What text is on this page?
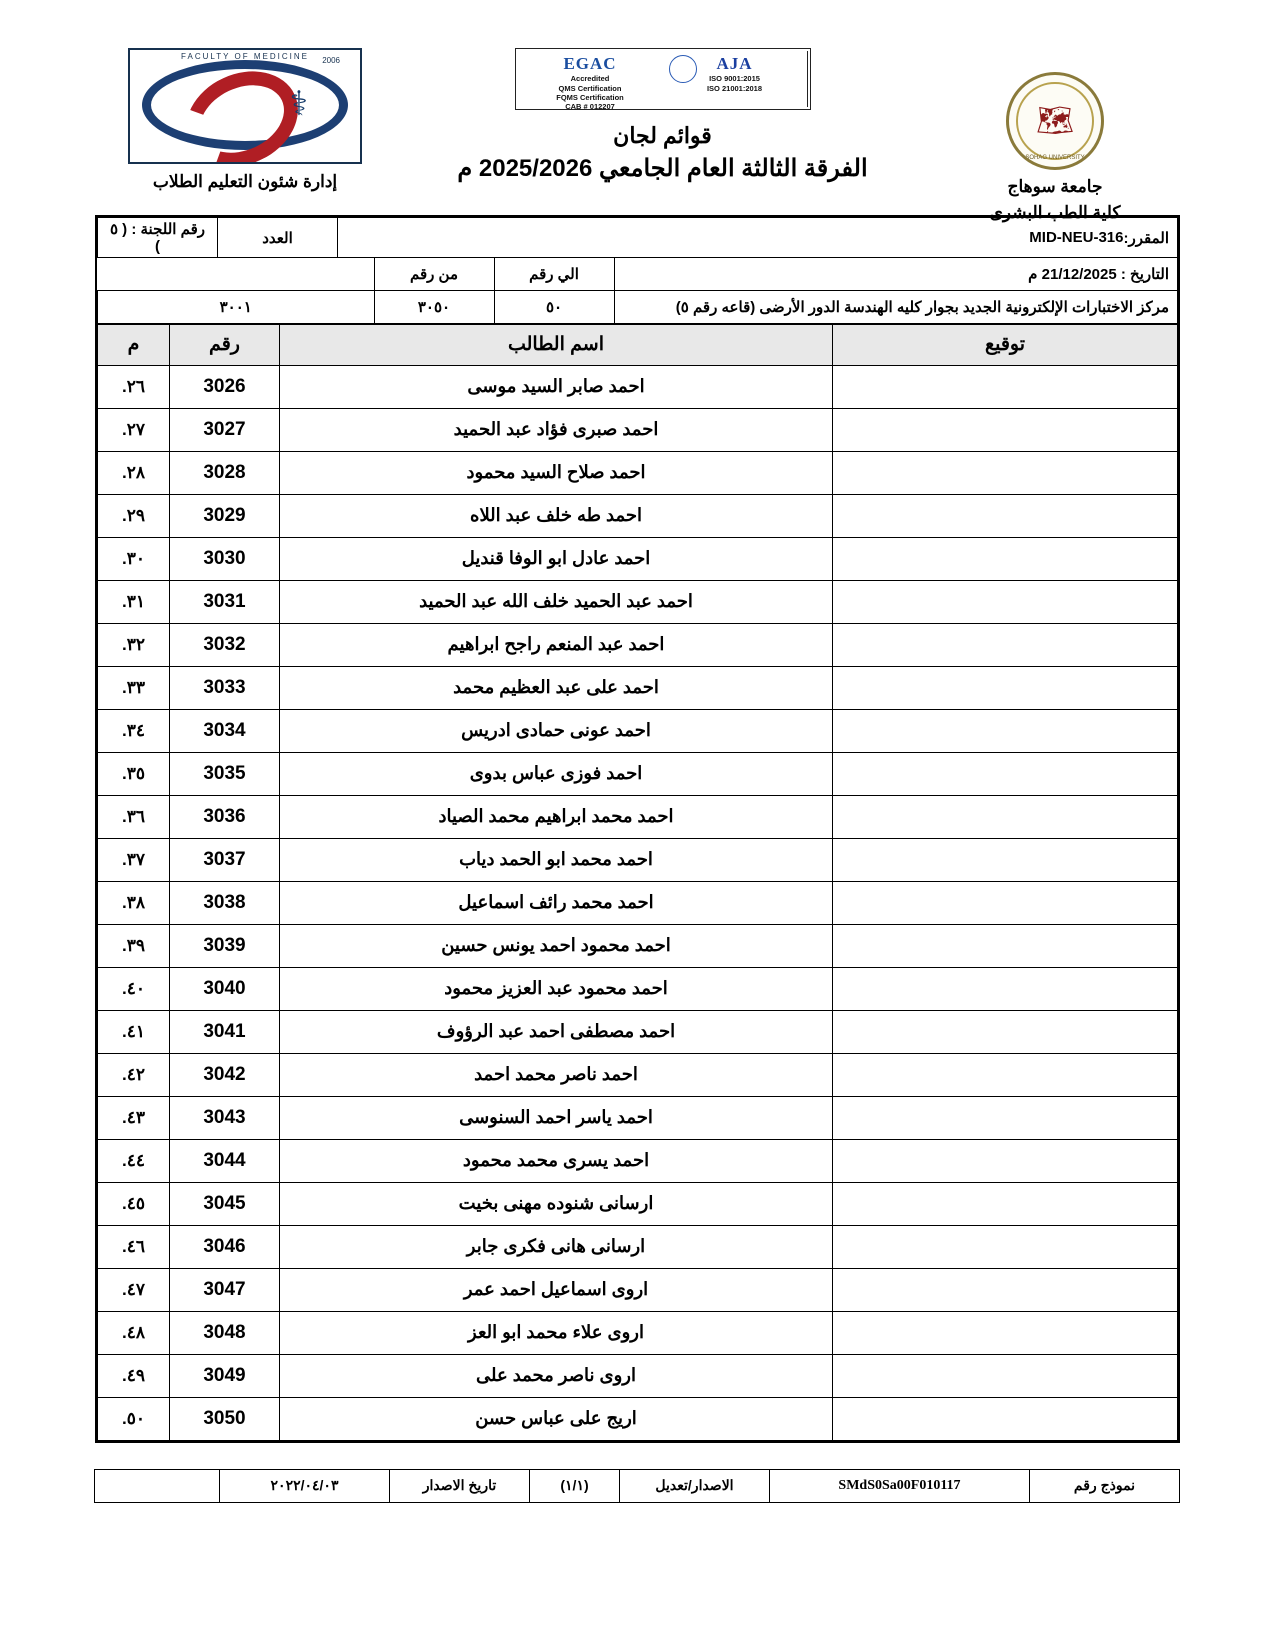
🗺
SOHAG UNIVERSITY
جامعة سوهاج
كلية الطب البشرى
EGAC
Accredited
QMS Certification
FQMS Certification
CAB # 012207
AJA
ISO 9001:2015
ISO 21001:2018
قوائم لجان
الفرقة الثالثة العام الجامعي 2025/2026 م
FACULTY OF MEDICINE	2006
⚕
إدارة شئون التعليم الطلاب
MID-NEU-316 المقرر:
	العدد	رقم اللجنة : ( ٥ )
التاريخ : 21/12/2025 م	الي رقم	من رقم	
مركز الاختبارات الإلكترونية الجديد بجوار كليه الهندسة الدور الأرضى (قاعه رقم ٥)	٥٠	٣٠٥٠	٣٠٠١
توقيع	اسم الطالب	رقم	م
	احمد صابر السيد موسى	3026	٢٦.
	احمد صبرى فؤاد عبد الحميد	3027	٢٧.
	احمد صلاح السيد محمود	3028	٢٨.
	احمد طه خلف عبد اللاه	3029	٢٩.
	احمد عادل ابو الوفا قنديل	3030	٣٠.
	احمد عبد الحميد خلف الله عبد الحميد	3031	٣١.
	احمد عبد المنعم راجح ابراهيم	3032	٣٢.
	احمد على عبد العظيم محمد	3033	٣٣.
	احمد عونى حمادى ادريس	3034	٣٤.
	احمد فوزى عباس بدوى	3035	٣٥.
	احمد محمد ابراهيم محمد الصياد	3036	٣٦.
	احمد محمد ابو الحمد دياب	3037	٣٧.
	احمد محمد رائف اسماعيل	3038	٣٨.
	احمد محمود احمد يونس حسين	3039	٣٩.
	احمد محمود عبد العزيز محمود	3040	٤٠.
	احمد مصطفى احمد عبد الرؤوف	3041	٤١.
	احمد ناصر محمد احمد	3042	٤٢.
	احمد ياسر احمد السنوسى	3043	٤٣.
	احمد يسرى محمد محمود	3044	٤٤.
	ارسانى شنوده مهنى بخيت	3045	٤٥.
	ارسانى هانى فكرى جابر	3046	٤٦.
	اروى اسماعيل احمد عمر	3047	٤٧.
	اروى علاء محمد ابو العز	3048	٤٨.
	اروى ناصر محمد على	3049	٤٩.
	اريج على عباس حسن	3050	٥٠.
نموذج رقم	SMdS0Sa00F010117	الاصدار/تعديل	(١/١)	تاريخ الاصدار	٢٠٢٢/٠٤/٠٣	
